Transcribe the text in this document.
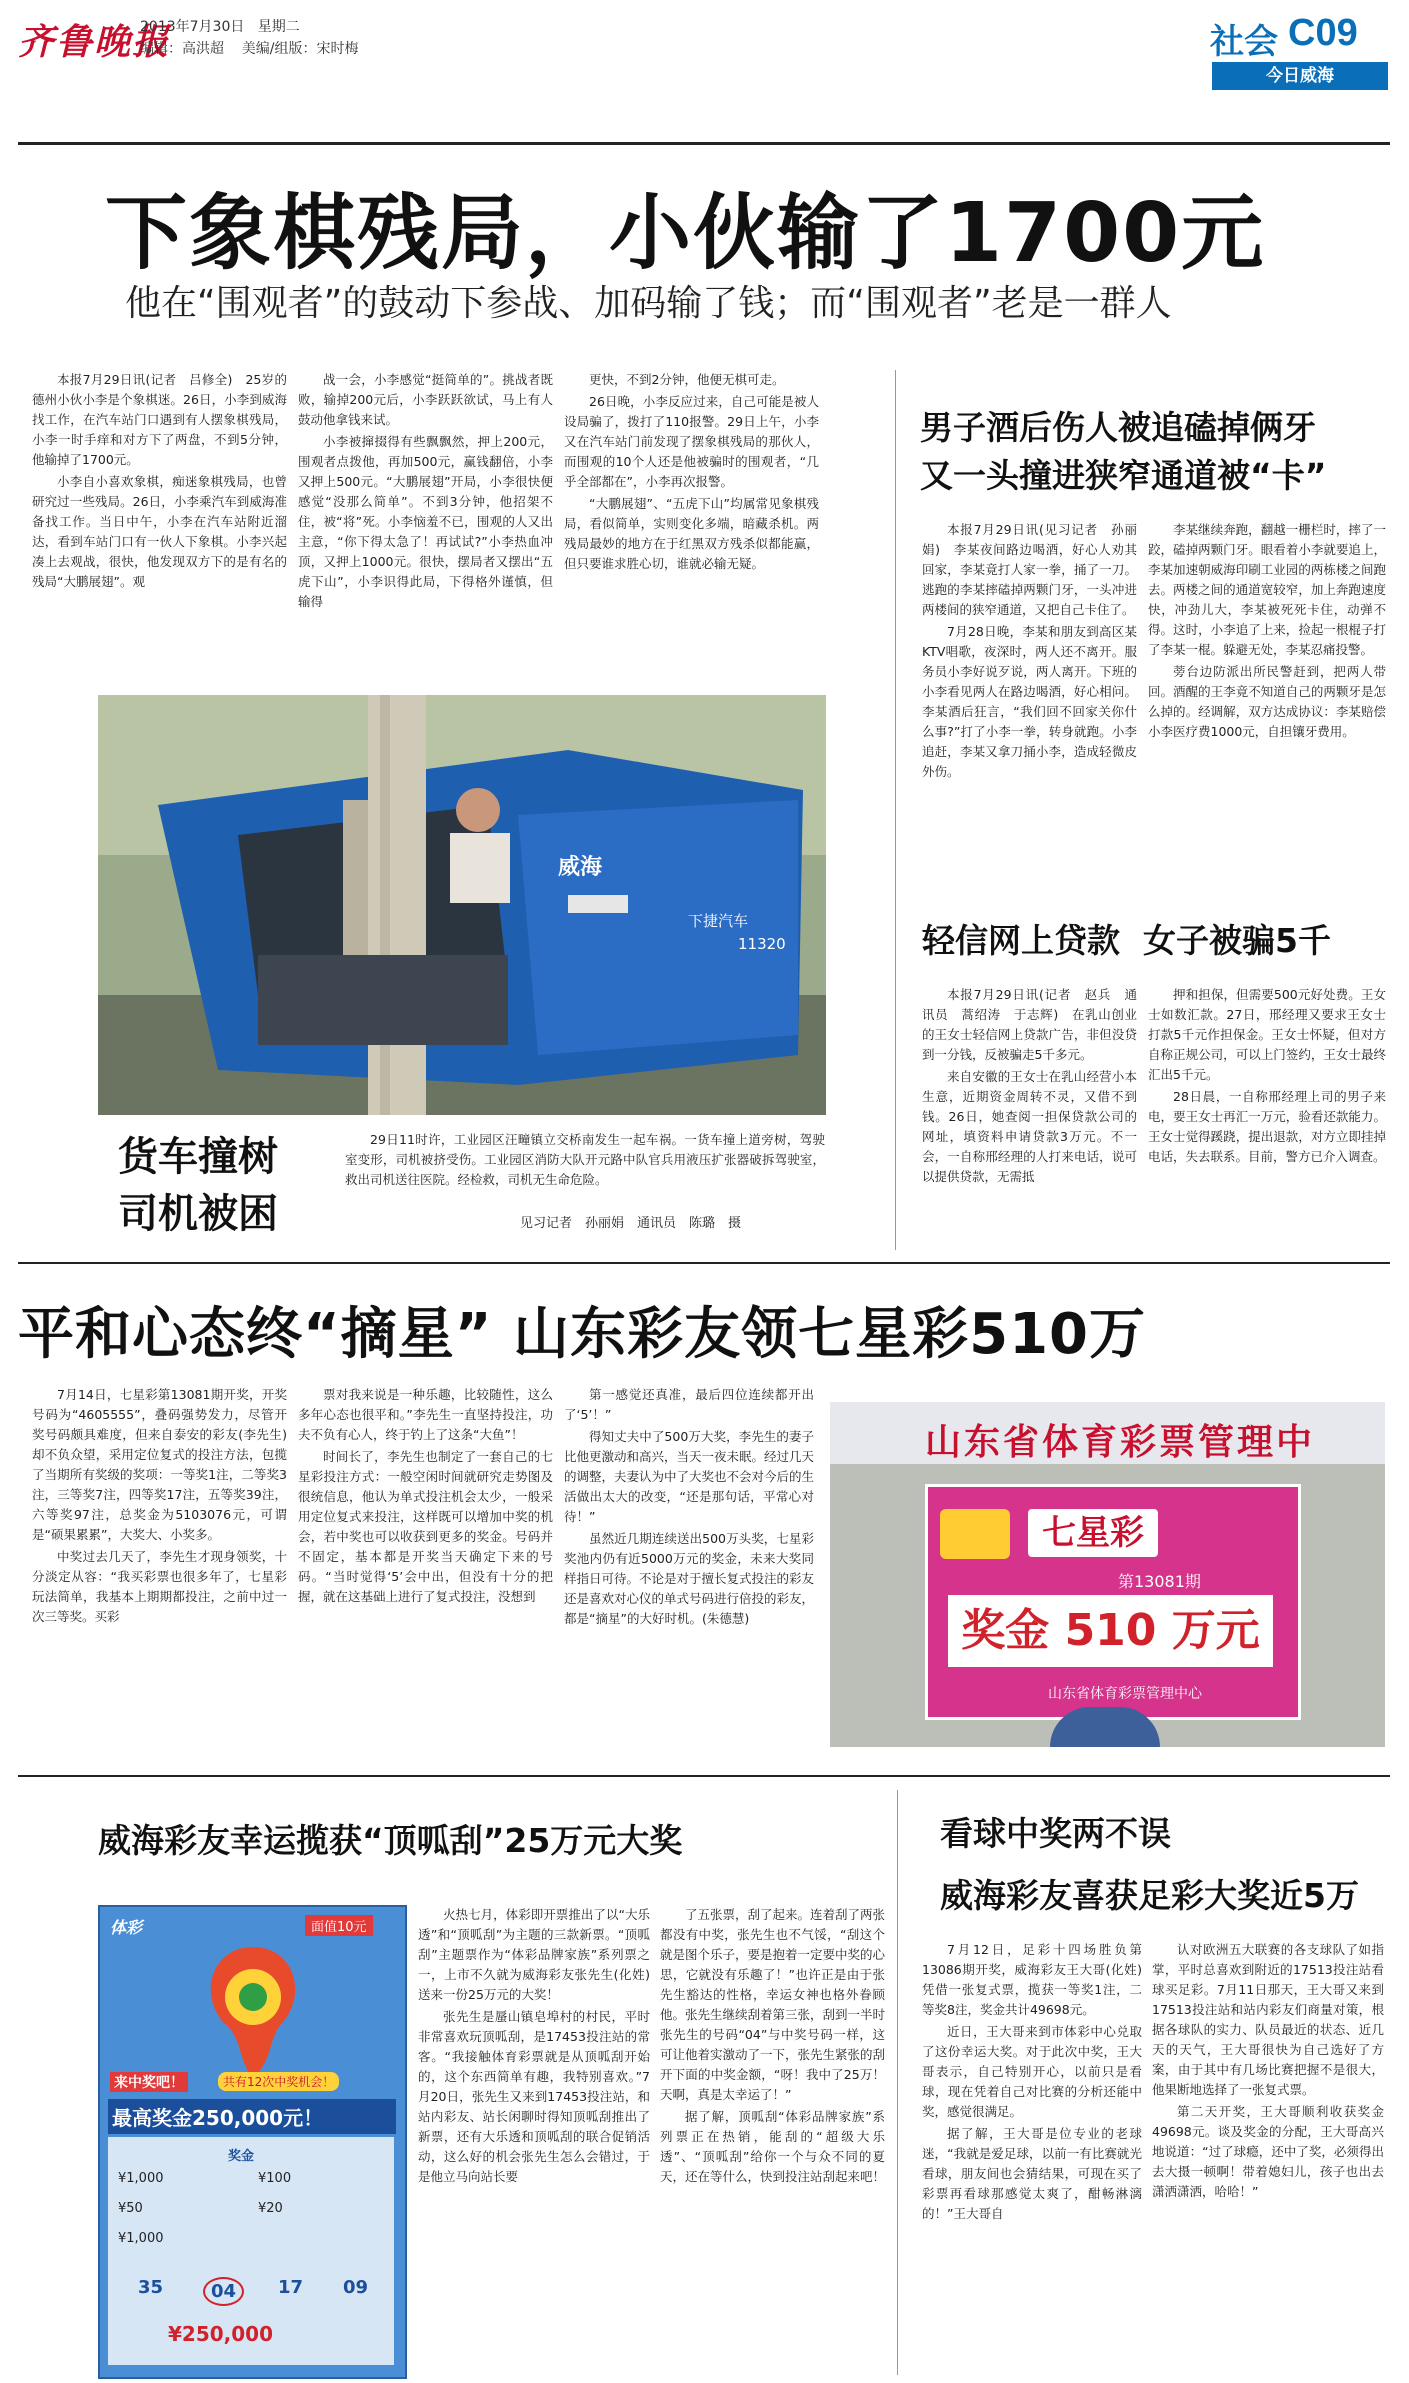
齐鲁晚报
2013年7月30日   星期二
编辑：高洪超    美编/组版：宋时梅	社会 C09
今日威海
下象棋残局，小伙输了1700元
他在“围观者”的鼓动下参战、加码输了钱；而“围观者”老是一群人

本报7月29日讯(记者　吕修全)　25岁的德州小伙小李是个象棋迷。26日，小李到威海找工作，在汽车站门口遇到有人摆象棋残局，小李一时手痒和对方下了两盘，不到5分钟，他输掉了1700元。

小李自小喜欢象棋，痴迷象棋残局，也曾研究过一些残局。26日，小李乘汽车到威海准备找工作。当日中午，小李在汽车站附近溜达，看到车站门口有一伙人下象棋。小李兴起凑上去观战，很快，他发现双方下的是有名的残局“大鹏展翅”。观

战一会，小李感觉“挺简单的”。挑战者既败，输掉200元后，小李跃跃欲试，马上有人鼓动他拿钱来试。

小李被撺掇得有些飘飘然，押上200元，围观者点拨他，再加500元，赢钱翻倍，小李又押上500元。“大鹏展翅”开局，小李很快便感觉“没那么简单”。不到3分钟，他招架不住，被“将”死。小李恼羞不已，围观的人又出主意，“你下得太急了！再试试?”小李热血冲顶，又押上1000元。很快，摆局者又摆出“五虎下山”，小李识得此局，下得格外谨慎，但输得

更快，不到2分钟，他便无棋可走。

26日晚，小李反应过来，自己可能是被人设局骗了，拨打了110报警。29日上午，小李又在汽车站门前发现了摆象棋残局的那伙人，而围观的10个人还是他被骗时的围观者，“几乎全部都在”，小李再次报警。

“大鹏展翅”、“五虎下山”均属常见象棋残局，看似简单，实则变化多端，暗藏杀机。两残局最妙的地方在于红黑双方残杀似都能赢，但只要谁求胜心切，谁就必输无疑。

威海
下捷汽车
11320
货车撞树
司机被困

29日11时许，工业园区汪疃镇立交桥南发生一起车祸。一货车撞上道旁树，驾驶室变形，司机被挤受伤。工业园区消防大队开元路中队官兵用液压扩张器破拆驾驶室，救出司机送往医院。经检救，司机无生命危险。

见习记者　孙丽娟　通讯员　陈璐　摄
男子酒后伤人被追磕掉俩牙
又一头撞进狭窄通道被“卡”

本报7月29日讯(见习记者　孙丽娟)　李某夜间路边喝酒，好心人劝其回家，李某竟打人家一拳，捅了一刀。逃跑的李某摔磕掉两颗门牙，一头冲进两楼间的狭窄通道，又把自己卡住了。

7月28日晚，李某和朋友到高区某KTV唱歌，夜深时，两人还不离开。服务员小李好说歹说，两人离开。下班的小李看见两人在路边喝酒，好心相问。李某酒后狂言，“我们回不回家关你什么事?”打了小李一拳，转身就跑。小李追赶，李某又拿刀捅小李，造成轻微皮外伤。

李某继续奔跑，翻越一栅栏时，摔了一跤，磕掉两颗门牙。眼看着小李就要追上，李某加速朝威海印刷工业园的两栋楼之间跑去。两楼之间的通道宽较窄，加上奔跑速度快，冲劲儿大，李某被死死卡住，动弹不得。这时，小李追了上来，捡起一根棍子打了李某一棍。躲避无处，李某忍痛投警。

蒡台边防派出所民警赶到，把两人带回。酒醒的王李竟不知道自己的两颗牙是怎么掉的。经调解，双方达成协议：李某赔偿小李医疗费1000元，自担镶牙费用。

轻信网上贷款  女子被骗5千

本报7月29日讯(记者　赵兵　通讯员　蒿绍涛　于志辉)　在乳山创业的王女士轻信网上贷款广告，非但没贷到一分钱，反被骗走5千多元。

来自安徽的王女士在乳山经营小本生意，近期资金周转不灵，又借不到钱。26日，她查阅一担保贷款公司的网址，填资料申请贷款3万元。不一会，一自称邢经理的人打来电话，说可以提供贷款，无需抵

押和担保，但需要500元好处费。王女士如数汇款。27日，邢经理又要求王女士打款5千元作担保金。王女士怀疑，但对方自称正规公司，可以上门签约，王女士最终汇出5千元。

28日晨，一自称邢经理上司的男子来电，要王女士再汇一万元，验看还款能力。王女士觉得蹊跷，提出退款，对方立即挂掉电话，失去联系。目前，警方已介入调查。

平和心态终“摘星” 山东彩友领七星彩510万

7月14日，七星彩第13081期开奖，开奖号码为“4605555”，叠码强势发力，尽管开奖号码颇具难度，但来自泰安的彩友(李先生)却不负众望，采用定位复式的投注方法，包揽了当期所有奖级的奖项：一等奖1注，二等奖3注，三等奖7注，四等奖17注，五等奖39注，六等奖97注，总奖金为5103076元，可谓是“硕果累累”，大奖大、小奖多。

中奖过去几天了，李先生才现身领奖，十分淡定从容：“我买彩票也很多年了，七星彩玩法简单，我基本上期期都投注，之前中过一次三等奖。买彩

票对我来说是一种乐趣，比较随性，这么多年心态也很平和。”李先生一直坚持投注，功夫不负有心人，终于钓上了这条“大鱼”！

时间长了，李先生也制定了一套自己的七星彩投注方式：一般空闲时间就研究走势图及很统信息，他认为单式投注机会太少，一般采用定位复式来投注，这样既可以增加中奖的机会，若中奖也可以收获到更多的奖金。号码并不固定，基本都是开奖当天确定下来的号码。“当时觉得‘5’会中出，但没有十分的把握，就在这基础上进行了复式投注，没想到

第一感觉还真准，最后四位连续都开出了‘5’！”

得知丈夫中了500万大奖，李先生的妻子比他更激动和高兴，当天一夜未眠。经过几天的调整，夫妻认为中了大奖也不会对今后的生活做出太大的改变，“还是那句话，平常心对待！”

虽然近几期连续送出500万头奖，七星彩奖池内仍有近5000万元的奖金，未来大奖同样指日可待。不论是对于擅长复式投注的彩友还是喜欢对心仪的单式号码进行倍投的彩友，都是“摘星”的大好时机。(朱德慧)

山东省体育彩票管理中
七星彩
第13081期
奖金 510 万元
山东省体育彩票管理中心
威海彩友幸运揽获“顶呱刮”25万元大奖
面值10元
体彩
来中奖吧！	共有12次中奖机会！
最高奖金250,000元！
奖金
¥1,000	¥100
¥50	¥20
¥1,000
35	04	17 09
¥250,000

火热七月，体彩即开票推出了以“大乐透”和“顶呱刮”为主题的三款新票。“顶呱刮”主题票作为“体彩品牌家族”系列票之一，上市不久就为威海彩友张先生(化姓)送来一份25万元的大奖！

张先生是蜃山镇皂埠村的村民，平时非常喜欢玩顶呱刮，是17453投注站的常客。“我接触体育彩票就是从顶呱刮开始的，这个东西简单有趣，我特别喜欢。”7月20日，张先生又来到17453投注站，和站内彩友、站长闲聊时得知顶呱刮推出了新票，还有大乐透和顶呱刮的联合促销活动，这么好的机会张先生怎么会错过，于是他立马向站长要

了五张票，刮了起来。连着刮了两张都没有中奖，张先生也不气馁，“刮这个就是图个乐子，要是抱着一定要中奖的心思，它就没有乐趣了！”也许正是由于张先生豁达的性格，幸运女神也格外眷顾他。张先生继续刮着第三张，刮到一半时张先生的号码“04”与中奖号码一样，这可让他着实激动了一下，张先生紧张的刮开下面的中奖金额，“呀！我中了25万！天啊，真是太幸运了！”

据了解，顶呱刮“体彩品牌家族”系列票正在热销，能刮的“超级大乐透”、“顶呱刮”给你一个与众不同的夏天，还在等什么，快到投注站刮起来吧！

看球中奖两不误
威海彩友喜获足彩大奖近5万

7月12日，足彩十四场胜负第13086期开奖，威海彩友王大哥(化姓)凭借一张复式票，揽获一等奖1注，二等奖8注，奖金共计49698元。

近日，王大哥来到市体彩中心兑取了这份幸运大奖。对于此次中奖，王大哥表示，自己特别开心，以前只是看球，现在凭着自己对比赛的分析还能中奖，感觉很满足。

据了解，王大哥是位专业的老球迷，“我就是爱足球，以前一有比赛就光看球，朋友间也会猜结果，可现在买了彩票再看球那感觉太爽了，酣畅淋漓的！”王大哥自

认对欧洲五大联赛的各支球队了如指掌，平时总喜欢到附近的17513投注站看球买足彩。7月11日那天，王大哥又来到17513投注站和站内彩友们商量对策，根据各球队的实力、队员最近的状态、近几天的天气，王大哥很快为自己选好了方案，由于其中有几场比赛把握不是很大，他果断地选择了一张复式票。

第二天开奖，王大哥顺利收获奖金49698元。谈及奖金的分配，王大哥高兴地说道：“过了球瘾，还中了奖，必须得出去大摄一顿啊！带着媳妇儿，孩子也出去潇洒潇洒，哈哈！”
